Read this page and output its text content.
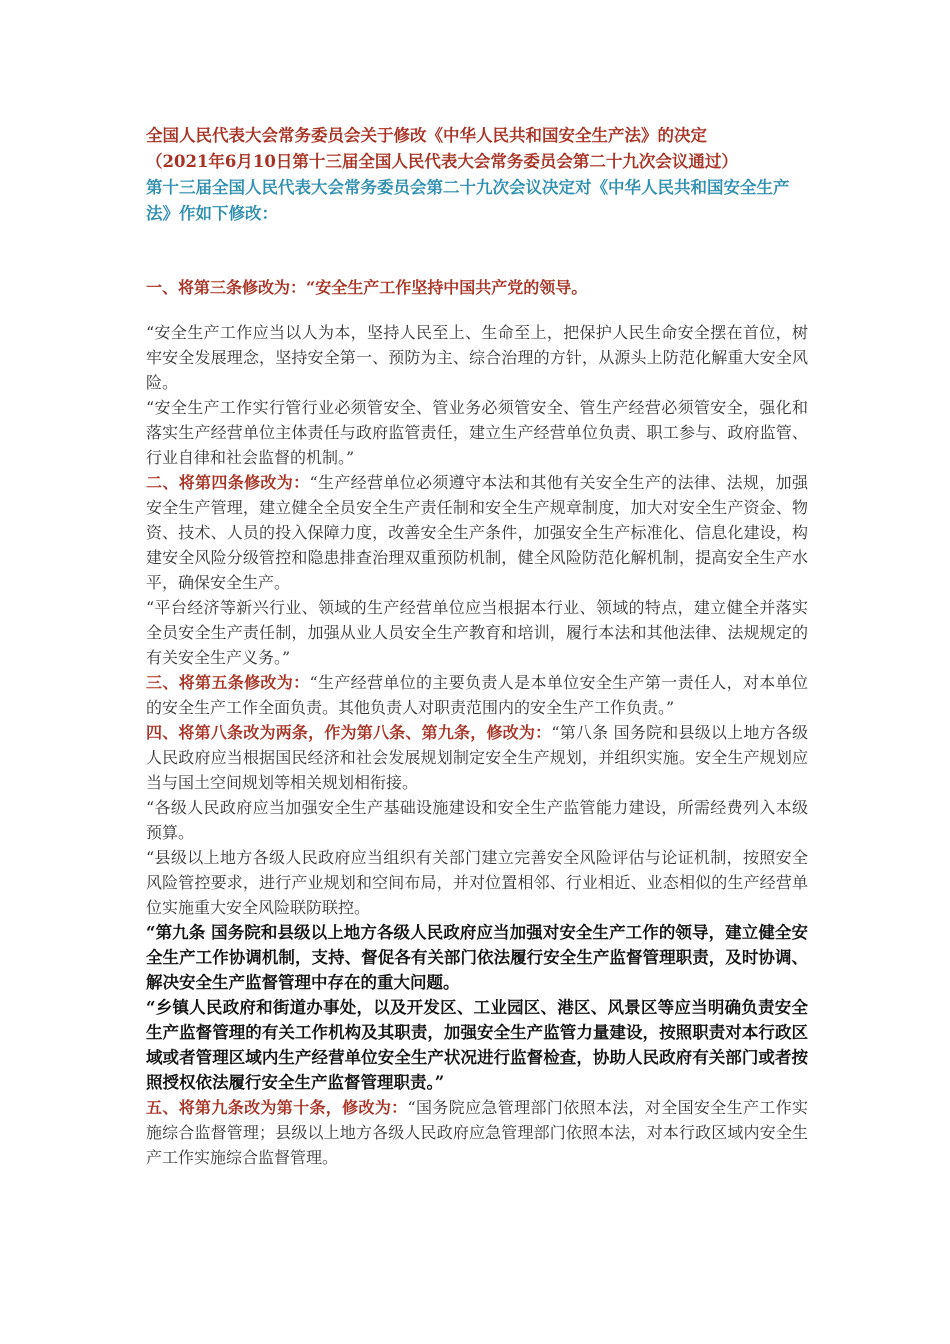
全国人民代表大会常务委员会关于修改《中华人民共和国安全生产法》的决定

（2021年6月10日第十三届全国人民代表大会常务委员会第二十九次会议通过）

第十三届全国人民代表大会常务委员会第二十九次会议决定对《中华人民共和国安全生产法》作如下修改：

一、将第三条修改为：“安全生产工作坚持中国共产党的领导。

“安全生产工作应当以人为本，坚持人民至上、生命至上，把保护人民生命安全摆在首位，树牢安全发展理念，坚持安全第一、预防为主、综合治理的方针，从源头上防范化解重大安全风险。

“安全生产工作实行管行业必须管安全、管业务必须管安全、管生产经营必须管安全，强化和落实生产经营单位主体责任与政府监管责任，建立生产经营单位负责、职工参与、政府监管、行业自律和社会监督的机制。”

二、将第四条修改为：“生产经营单位必须遵守本法和其他有关安全生产的法律、法规，加强安全生产管理，建立健全全员安全生产责任制和安全生产规章制度，加大对安全生产资金、物资、技术、人员的投入保障力度，改善安全生产条件，加强安全生产标准化、信息化建设，构建安全风险分级管控和隐患排查治理双重预防机制，健全风险防范化解机制，提高安全生产水平，确保安全生产。

“平台经济等新兴行业、领域的生产经营单位应当根据本行业、领域的特点，建立健全并落实全员安全生产责任制，加强从业人员安全生产教育和培训，履行本法和其他法律、法规规定的有关安全生产义务。”

三、将第五条修改为：“生产经营单位的主要负责人是本单位安全生产第一责任人，对本单位的安全生产工作全面负责。其他负责人对职责范围内的安全生产工作负责。”

四、将第八条改为两条，作为第八条、第九条，修改为：“第八条 国务院和县级以上地方各级人民政府应当根据国民经济和社会发展规划制定安全生产规划，并组织实施。安全生产规划应当与国土空间规划等相关规划相衔接。

“各级人民政府应当加强安全生产基础设施建设和安全生产监管能力建设，所需经费列入本级预算。

“县级以上地方各级人民政府应当组织有关部门建立完善安全风险评估与论证机制，按照安全风险管控要求，进行产业规划和空间布局，并对位置相邻、行业相近、业态相似的生产经营单位实施重大安全风险联防联控。

“第九条 国务院和县级以上地方各级人民政府应当加强对安全生产工作的领导，建立健全安全生产工作协调机制，支持、督促各有关部门依法履行安全生产监督管理职责，及时协调、解决安全生产监督管理中存在的重大问题。

“乡镇人民政府和街道办事处，以及开发区、工业园区、港区、风景区等应当明确负责安全生产监督管理的有关工作机构及其职责，加强安全生产监管力量建设，按照职责对本行政区域或者管理区域内生产经营单位安全生产状况进行监督检查，协助人民政府有关部门或者按照授权依法履行安全生产监督管理职责。”

五、将第九条改为第十条，修改为：“国务院应急管理部门依照本法，对全国安全生产工作实施综合监督管理；县级以上地方各级人民政府应急管理部门依照本法，对本行政区域内安全生产工作实施综合监督管理。
